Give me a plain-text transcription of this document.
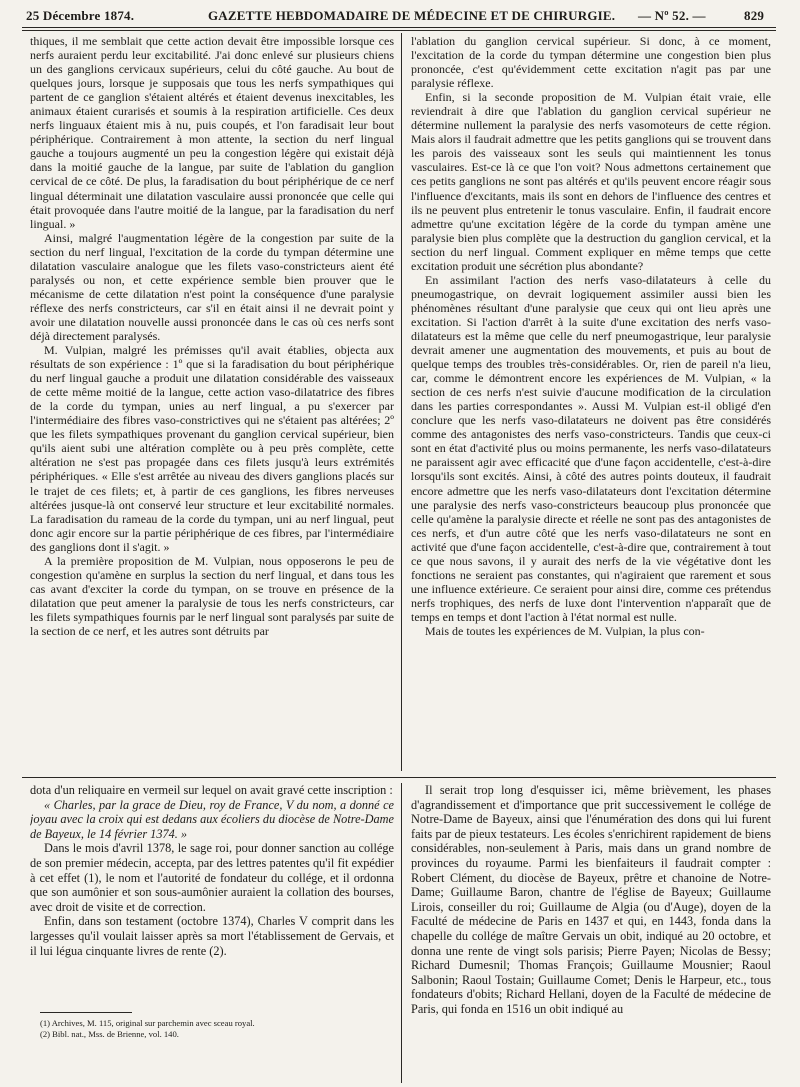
25 Décembre 1874.	GAZETTE HEBDOMADAIRE DE MÉDECINE ET DE CHIRURGIE. — Nº 52. —	829

thiques, il me semblait que cette action devait être impossible lorsque ces nerfs auraient perdu leur excitabilité. J'ai donc enlevé sur plusieurs chiens un des ganglions cervicaux supérieurs, celui du côté gauche. Au bout de quelques jours, lorsque je supposais que tous les nerfs sympathiques qui partent de ce ganglion s'étaient altérés et étaient devenus inexcitables, les animaux étaient curarisés et soumis à la respiration artificielle. Ces deux nerfs linguaux étaient mis à nu, puis coupés, et l'on faradisait leur bout périphérique. Contrairement à mon attente, la section du nerf lingual gauche a toujours augmenté un peu la congestion légère qui existait déjà dans la moitié gauche de la langue, par suite de l'ablation du ganglion cervical de ce côté. De plus, la faradisation du bout périphérique de ce nerf lingual déterminait une dilatation vasculaire aussi prononcée que celle qui était provoquée dans l'autre moitié de la langue, par la faradisation du nerf lingual. »

Ainsi, malgré l'augmentation légère de la congestion par suite de la section du nerf lingual, l'excitation de la corde du tympan détermine une dilatation vasculaire analogue que les filets vaso-constricteurs aient été paralysés ou non, et cette expérience semble bien prouver que le mécanisme de cette dilatation n'est point la conséquence d'une paralysie réflexe des nerfs constricteurs, car s'il en était ainsi il ne devrait point y avoir une dilatation nouvelle aussi prononcée dans le cas où ces nerfs sont déjà directement paralysés.

M. Vulpian, malgré les prémisses qu'il avait établies, objecta aux résultats de son expérience : 1º que si la faradisation du bout périphérique du nerf lingual gauche a produit une dilatation considérable des vaisseaux de cette même moitié de la langue, cette action vaso-dilatatrice des fibres de la corde du tympan, unies au nerf lingual, a pu s'exercer par l'intermédiaire des fibres vaso-constrictives qui ne s'étaient pas altérées; 2º que les filets sympathiques provenant du ganglion cervical supérieur, bien qu'ils aient subi une altération complète ou à peu près complète, cette altération ne s'est pas propagée dans ces filets jusqu'à leurs extrémités périphériques. « Elle s'est arrêtée au niveau des divers ganglions placés sur le trajet de ces filets; et, à partir de ces ganglions, les fibres nerveuses altérées jusque-là ont conservé leur structure et leur excitabilité normales. La faradisation du rameau de la corde du tympan, uni au nerf lingual, peut donc agir encore sur la partie périphérique de ces fibres, par l'intermédiaire des ganglions dont il s'agit. »

A la première proposition de M. Vulpian, nous opposerons le peu de congestion qu'amène en surplus la section du nerf lingual, et dans tous les cas avant d'exciter la corde du tympan, on se trouve en présence de la dilatation que peut amener la paralysie de tous les nerfs constricteurs, car les filets sympathiques fournis par le nerf lingual sont paralysés par suite de la section de ce nerf, et les autres sont détruits par

l'ablation du ganglion cervical supérieur. Si donc, à ce moment, l'excitation de la corde du tympan détermine une congestion bien plus prononcée, c'est qu'évidemment cette excitation n'agit pas par une paralysie réflexe.

Enfin, si la seconde proposition de M. Vulpian était vraie, elle reviendrait à dire que l'ablation du ganglion cervical supérieur ne détermine nullement la paralysie des nerfs vasomoteurs de cette région. Mais alors il faudrait admettre que les petits ganglions qui se trouvent dans les parois des vaisseaux sont les seuls qui maintiennent les tonus vasculaires. Est-ce là ce que l'on voit? Nous admettons certainement que ces petits ganglions ne sont pas altérés et qu'ils peuvent encore réagir sous l'influence d'excitants, mais ils sont en dehors de l'influence des centres et ils ne peuvent plus entretenir le tonus vasculaire. Enfin, il faudrait encore admettre qu'une excitation légère de la corde du tympan amène une paralysie bien plus complète que la destruction du ganglion cervical, et la section du nerf lingual. Comment expliquer en même temps que cette excitation produit une sécrétion plus abondante?

En assimilant l'action des nerfs vaso-dilatateurs à celle du pneumogastrique, on devrait logiquement assimiler aussi bien les phénomènes résultant d'une paralysie que ceux qui ont lieu après une excitation. Si l'action d'arrêt à la suite d'une excitation des nerfs vaso-dilatateurs est la même que celle du nerf pneumogastrique, leur paralysie devrait amener une augmentation des mouvements, et puis au bout de quelque temps des troubles très-considérables. Or, rien de pareil n'a lieu, car, comme le démontrent encore les expériences de M. Vulpian, « la section de ces nerfs n'est suivie d'aucune modification de la circulation dans les parties correspondantes ». Aussi M. Vulpian est-il obligé d'en conclure que les nerfs vaso-dilatateurs ne doivent pas être considérés comme des antagonistes des nerfs vaso-constricteurs. Tandis que ceux-ci sont en état d'activité plus ou moins permanente, les nerfs vaso-dilatateurs ne paraissent agir avec efficacité que d'une façon accidentelle, c'est-à-dire lorsqu'ils sont excités. Ainsi, à côté des autres points douteux, il faudrait encore admettre que les nerfs vaso-dilatateurs dont l'excitation détermine une paralysie des nerfs vaso-constricteurs beaucoup plus prononcée que celle qu'amène la paralysie directe et réelle ne sont pas des antagonistes de ces nerfs, et d'un autre côté que les nerfs vaso-dilatateurs ne sont en activité que d'une façon accidentelle, c'est-à-dire que, contrairement à tout ce que nous savons, il y aurait des nerfs de la vie végétative dont les fonctions ne seraient pas constantes, qui n'agiraient que rarement et sous une influence extérieure. Ce seraient pour ainsi dire, comme ces prétendus nerfs trophiques, des nerfs de luxe dont l'intervention n'apparaît que de temps en temps et dont l'action à l'état normal est nulle.

Mais de toutes les expériences de M. Vulpian, la plus con-

dota d'un reliquaire en vermeil sur lequel on avait gravé cette inscription :

« Charles, par la grace de Dieu, roy de France, V du nom, a donné ce joyau avec la croix qui est dedans aux écoliers du diocèse de Notre-Dame de Bayeux, le 14 février 1374. »

Dans le mois d'avril 1378, le sage roi, pour donner sanction au collége de son premier médecin, accepta, par des lettres patentes qu'il fit expédier à cet effet (1), le nom et l'autorité de fondateur du collége, et il ordonna que son aumônier et son sous-aumônier auraient la collation des bourses, avec droit de visite et de correction.

Enfin, dans son testament (octobre 1374), Charles V comprit dans les largesses qu'il voulait laisser après sa mort l'établissement de Gervais, et il lui légua cinquante livres de rente (2).

(1) Archives, M. 115, original sur parchemin avec sceau royal.
(2) Bibl. nat., Mss. de Brienne, vol. 140.

Il serait trop long d'esquisser ici, même brièvement, les phases d'agrandissement et d'importance que prit successivement le collége de Notre-Dame de Bayeux, ainsi que l'énumération des dons qui lui furent faits par de pieux testateurs. Les écoles s'enrichirent rapidement de biens considérables, non-seulement à Paris, mais dans un grand nombre de provinces du royaume. Parmi les bienfaiteurs il faudrait compter : Robert Clément, du diocèse de Bayeux, prêtre et chanoine de Notre-Dame; Guillaume Baron, chantre de l'église de Bayeux; Guillaume Lirois, conseiller du roi; Guillaume de Algia (ou d'Auge), doyen de la Faculté de médecine de Paris en 1437 et qui, en 1443, fonda dans la chapelle du collége de maître Gervais un obit, indiqué au 20 octobre, et donna une rente de vingt sols parisis; Pierre Payen; Nicolas de Bessy; Richard Dumesnil; Thomas François; Guillaume Mousnier; Raoul Salbonin; Raoul Tostain; Guillaume Comet; Denis le Harpeur, etc., tous fondateurs d'obits; Richard Hellani, doyen de la Faculté de médecine de Paris, qui fonda en 1516 un obit indiqué au
